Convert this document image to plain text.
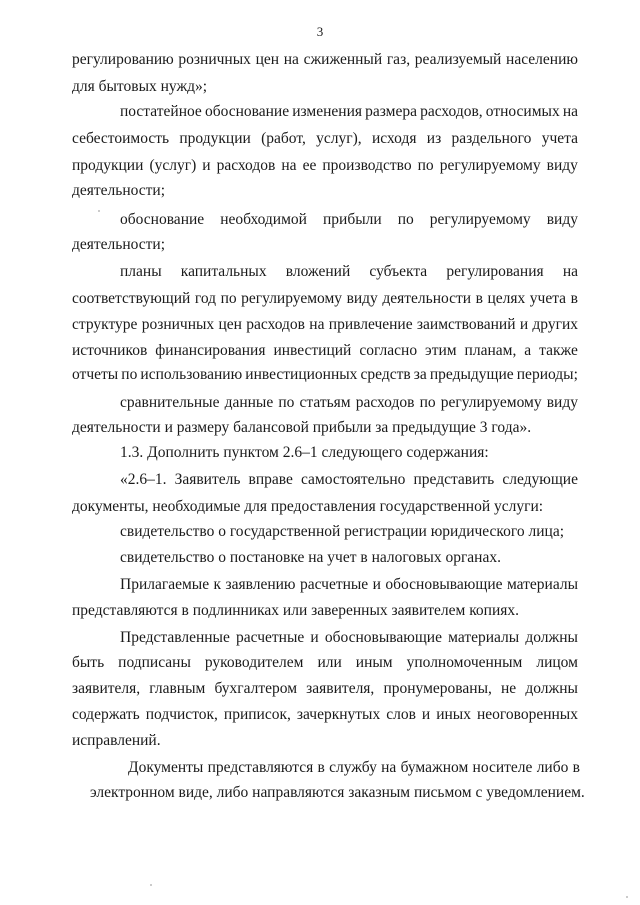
3
регулированию розничных цен на сжиженный газ, реализуемый населению
для бытовых нужд»;
постатейное обоснование изменения размера расходов, относимых на
себестоимость продукции (работ, услуг), исходя из раздельного учета
продукции (услуг) и расходов на ее производство по регулируемому виду
деятельности;
обоснование необходимой прибыли по регулируемому виду
деятельности;
планы капитальных вложений субъекта регулирования на
соответствующий год по регулируемому виду деятельности в целях учета в
структуре розничных цен расходов на привлечение заимствований и других
источников финансирования инвестиций согласно этим планам, а также
отчеты по использованию инвестиционных средств за предыдущие периоды;
сравнительные данные по статьям расходов по регулируемому виду
деятельности и размеру балансовой прибыли за предыдущие 3 года».
1.3. Дополнить пунктом 2.6–1 следующего содержания:
«2.6–1. Заявитель вправе самостоятельно представить следующие
документы, необходимые для предоставления государственной услуги:
свидетельство о государственной регистрации юридического лица;
свидетельство о постановке на учет в налоговых органах.
Прилагаемые к заявлению расчетные и обосновывающие материалы
представляются в подлинниках или заверенных заявителем копиях.
Представленные расчетные и обосновывающие материалы должны
быть подписаны руководителем или иным уполномоченным лицом
заявителя, главным бухгалтером заявителя, пронумерованы, не должны
содержать подчисток, приписок, зачеркнутых слов и иных неоговоренных
исправлений.
Документы представляются в службу на бумажном носителе либо в
электронном виде, либо направляются заказным письмом с уведомлением.
